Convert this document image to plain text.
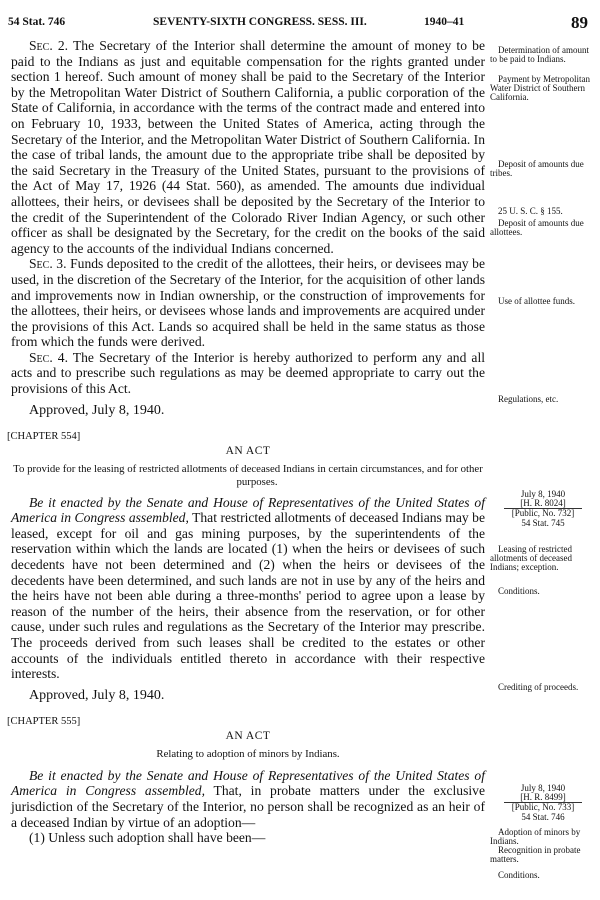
54 Stat. 746	SEVENTY-SIXTH CONGRESS. SESS. III.	1940–41	89

Sec. 2. The Secretary of the Interior shall determine the amount of money to be paid to the Indians as just and equitable compensation for the rights granted under section 1 hereof. Such amount of money shall be paid to the Secretary of the Interior by the Metropolitan Water District of Southern California, a public corporation of the State of California, in accordance with the terms of the contract made and entered into on February 10, 1933, between the United States of America, acting through the Secretary of the Interior, and the Metropolitan Water District of Southern California. In the case of tribal lands, the amount due to the appropriate tribe shall be deposited by the said Secretary in the Treasury of the United States, pursuant to the provisions of the Act of May 17, 1926 (44 Stat. 560), as amended. The amounts due individual allottees, their heirs, or devisees shall be deposited by the Secretary of the Interior to the credit of the Superintendent of the Colorado River Indian Agency, or such other officer as shall be designated by the Secretary, for the credit on the books of the said agency to the accounts of the individual Indians concerned.

Sec. 3. Funds deposited to the credit of the allottees, their heirs, or devisees may be used, in the discretion of the Secretary of the Interior, for the acquisition of other lands and improvements now in Indian ownership, or the construction of improvements for the allottees, their heirs, or devisees whose lands and improvements are acquired under the provisions of this Act. Lands so acquired shall be held in the same status as those from which the funds were derived.

Sec. 4. The Secretary of the Interior is hereby authorized to perform any and all acts and to prescribe such regulations as may be deemed appropriate to carry out the provisions of this Act.

Approved, July 8, 1940.
[CHAPTER 554]
AN ACT
To provide for the leasing of restricted allotments of deceased Indians in certain circumstances, and for other purposes.

Be it enacted by the Senate and House of Representatives of the United States of America in Congress assembled, That restricted allotments of deceased Indians may be leased, except for oil and gas mining purposes, by the superintendents of the reservation within which the lands are located (1) when the heirs or devisees of such decedents have not been determined and (2) when the heirs or devisees of the decedents have been determined, and such lands are not in use by any of the heirs and the heirs have not been able during a three-months' period to agree upon a lease by reason of the number of the heirs, their absence from the reservation, or for other cause, under such rules and regulations as the Secretary of the Interior may prescribe. The proceeds derived from such leases shall be credited to the estates or other accounts of the individuals entitled thereto in accordance with their respective interests.

Approved, July 8, 1940.
[CHAPTER 555]
AN ACT
Relating to adoption of minors by Indians.

Be it enacted by the Senate and House of Representatives of the United States of America in Congress assembled, That, in probate matters under the exclusive jurisdiction of the Secretary of the Interior, no person shall be recognized as an heir of a deceased Indian by virtue of an adoption—

(1) Unless such adoption shall have been—

Determination of amount to be paid to Indians.
Payment by Metropolitan Water District of Southern California.
Deposit of amounts due tribes.
25 U. S. C. § 155.
Deposit of amounts due allottees.
Use of allottee funds.
Regulations, etc.
July 8, 1940
[H. R. 8024]
[Public, No. 732]
54 Stat. 745
Leasing of restricted allotments of deceased Indians; exception.
Conditions.
Crediting of proceeds.
July 8, 1940
[H. R. 8499]
[Public, No. 733]
54 Stat. 746
Adoption of minors by Indians.
Recognition in probate matters.
Conditions.
